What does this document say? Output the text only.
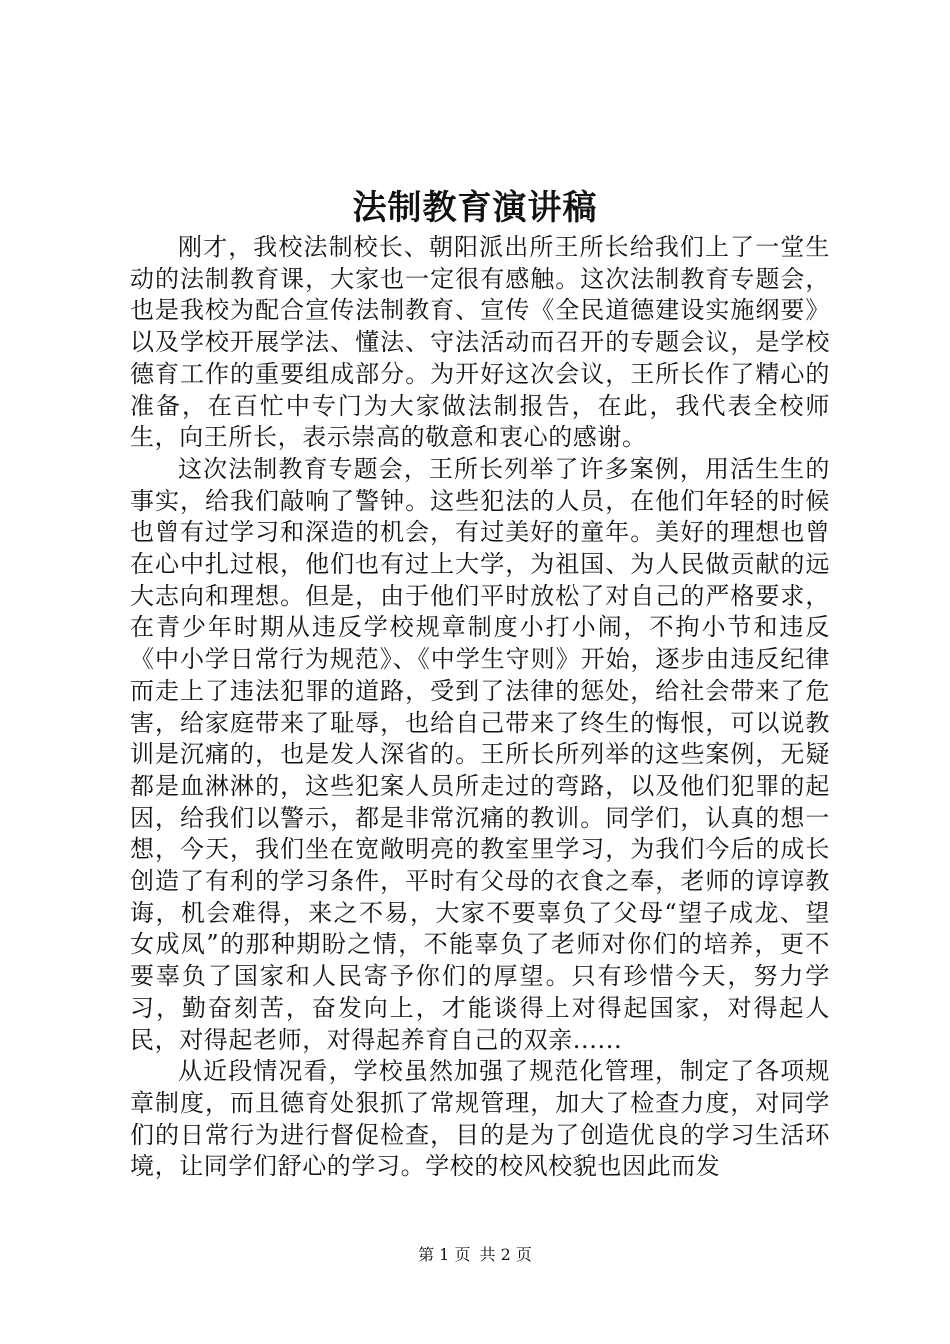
法制教育演讲稿

刚才，我校法制校长、朝阳派出所王所长给我们上了一堂生动的法制教育课，大家也一定很有感触。这次法制教育专题会，也是我校为配合宣传法制教育、宣传《全民道德建设实施纲要》以及学校开展学法、懂法、守法活动而召开的专题会议，是学校德育工作的重要组成部分。为开好这次会议，王所长作了精心的准备，在百忙中专门为大家做法制报告，在此，我代表全校师生，向王所长，表示崇高的敬意和衷心的感谢。

这次法制教育专题会，王所长列举了许多案例，用活生生的事实，给我们敲响了警钟。这些犯法的人员，在他们年轻的时候也曾有过学习和深造的机会，有过美好的童年。美好的理想也曾在心中扎过根，他们也有过上大学，为祖国、为人民做贡献的远大志向和理想。但是，由于他们平时放松了对自己的严格要求，在青少年时期从违反学校规章制度小打小闹，不拘小节和违反《中小学日常行为规范》、《中学生守则》开始，逐步由违反纪律而走上了违法犯罪的道路，受到了法律的惩处，给社会带来了危害，给家庭带来了耻辱，也给自己带来了终生的悔恨，可以说教训是沉痛的，也是发人深省的。王所长所列举的这些案例，无疑都是血淋淋的，这些犯案人员所走过的弯路，以及他们犯罪的起因，给我们以警示，都是非常沉痛的教训。同学们，认真的想一想，今天，我们坐在宽敞明亮的教室里学习，为我们今后的成长创造了有利的学习条件，平时有父母的衣食之奉，老师的谆谆教诲，机会难得，来之不易，大家不要辜负了父母“望子成龙、望女成凤”的那种期盼之情，不能辜负了老师对你们的培养，更不要辜负了国家和人民寄予你们的厚望。只有珍惜今天，努力学习，勤奋刻苦，奋发向上，才能谈得上对得起国家，对得起人民，对得起老师，对得起养育自己的双亲......

从近段情况看，学校虽然加强了规范化管理，制定了各项规章制度，而且德育处狠抓了常规管理，加大了检查力度，对同学们的日常行为进行督促检查，目的是为了创造优良的学习生活环境，让同学们舒心的学习。学校的校风校貌也因此而发

第 1 页 共 2 页
